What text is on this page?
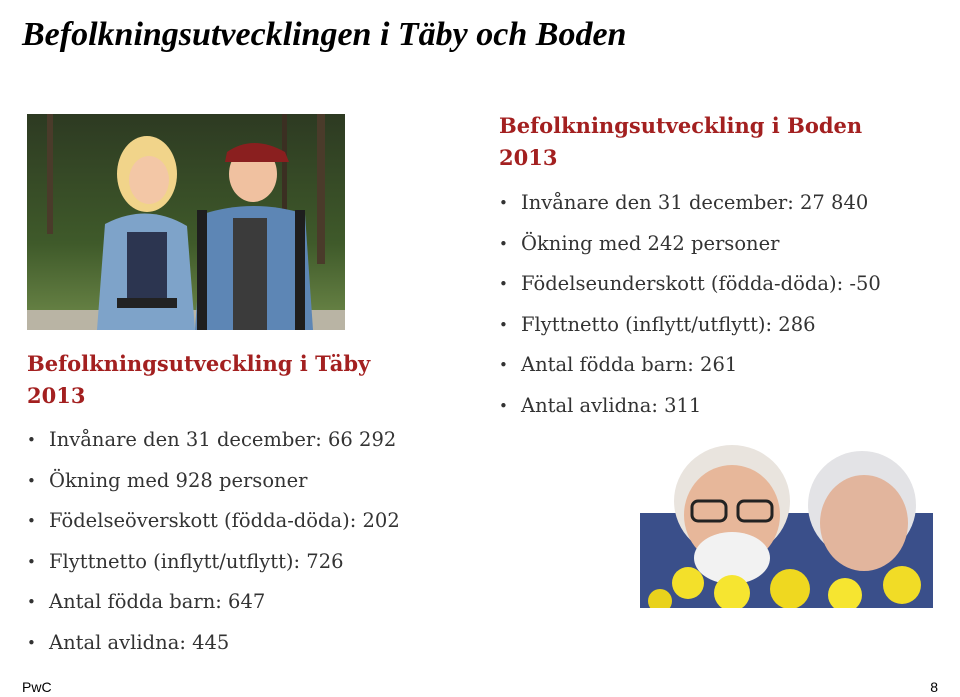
Befolkningsutvecklingen i Täby och Boden
Befolkningsutveckling i Täby
2013
• Invånare den 31 december: 66 292
• Ökning med 928 personer
• Födelseöverskott (födda-döda): 202
• Flyttnetto (inflytt/utflytt): 726
• Antal födda barn: 647
• Antal avlidna: 445
Befolkningsutveckling i Boden
2013
• Invånare den 31 december: 27 840
• Ökning med 242 personer
• Födelseunderskott (födda-döda): -50
• Flyttnetto (inflytt/utflytt): 286
• Antal födda barn: 261
• Antal avlidna: 311
PwC	8
